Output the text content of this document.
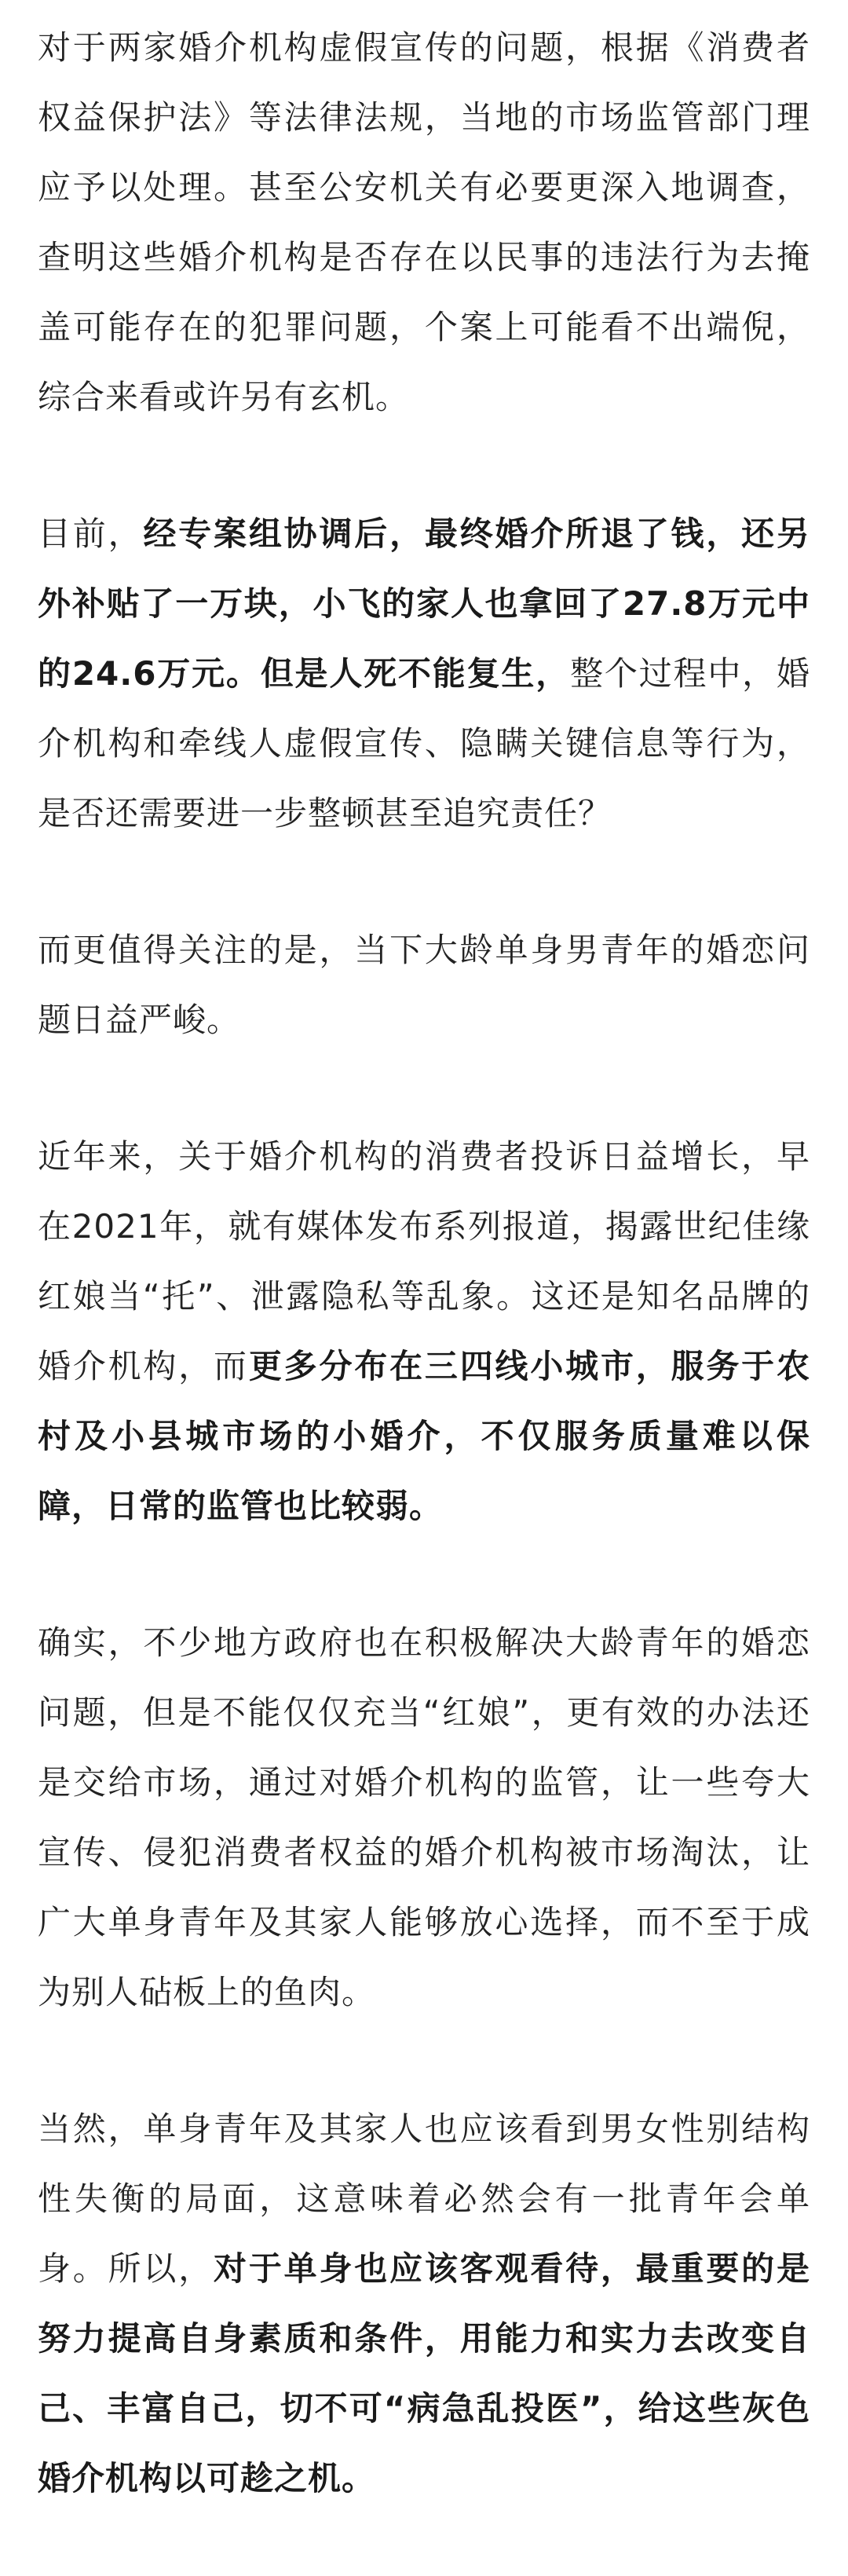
对于两家婚介机构虚假宣传的问题，根据《消费者权益保护法》等法律法规，当地的市场监管部门理应予以处理。甚至公安机关有必要更深入地调查，查明这些婚介机构是否存在以民事的违法行为去掩盖可能存在的犯罪问题，个案上可能看不出端倪，综合来看或许另有玄机。

目前，经专案组协调后，最终婚介所退了钱，还另外补贴了一万块，小飞的家人也拿回了27.8万元中的24.6万元。但是人死不能复生，整个过程中，婚介机构和牵线人虚假宣传、隐瞒关键信息等行为，是否还需要进一步整顿甚至追究责任？

而更值得关注的是，当下大龄单身男青年的婚恋问题日益严峻。

近年来，关于婚介机构的消费者投诉日益增长，早在2021年，就有媒体发布系列报道，揭露世纪佳缘红娘当“托”、泄露隐私等乱象。这还是知名品牌的婚介机构，而更多分布在三四线小城市，服务于农村及小县城市场的小婚介，不仅服务质量难以保障，日常的监管也比较弱。

确实，不少地方政府也在积极解决大龄青年的婚恋问题，但是不能仅仅充当“红娘”，更有效的办法还是交给市场，通过对婚介机构的监管，让一些夸大宣传、侵犯消费者权益的婚介机构被市场淘汰，让广大单身青年及其家人能够放心选择，而不至于成为别人砧板上的鱼肉。

当然，单身青年及其家人也应该看到男女性别结构性失衡的局面，这意味着必然会有一批青年会单身。所以，对于单身也应该客观看待，最重要的是努力提高自身素质和条件，用能力和实力去改变自己、丰富自己，切不可“病急乱投医”，给这些灰色婚介机构以可趁之机。
